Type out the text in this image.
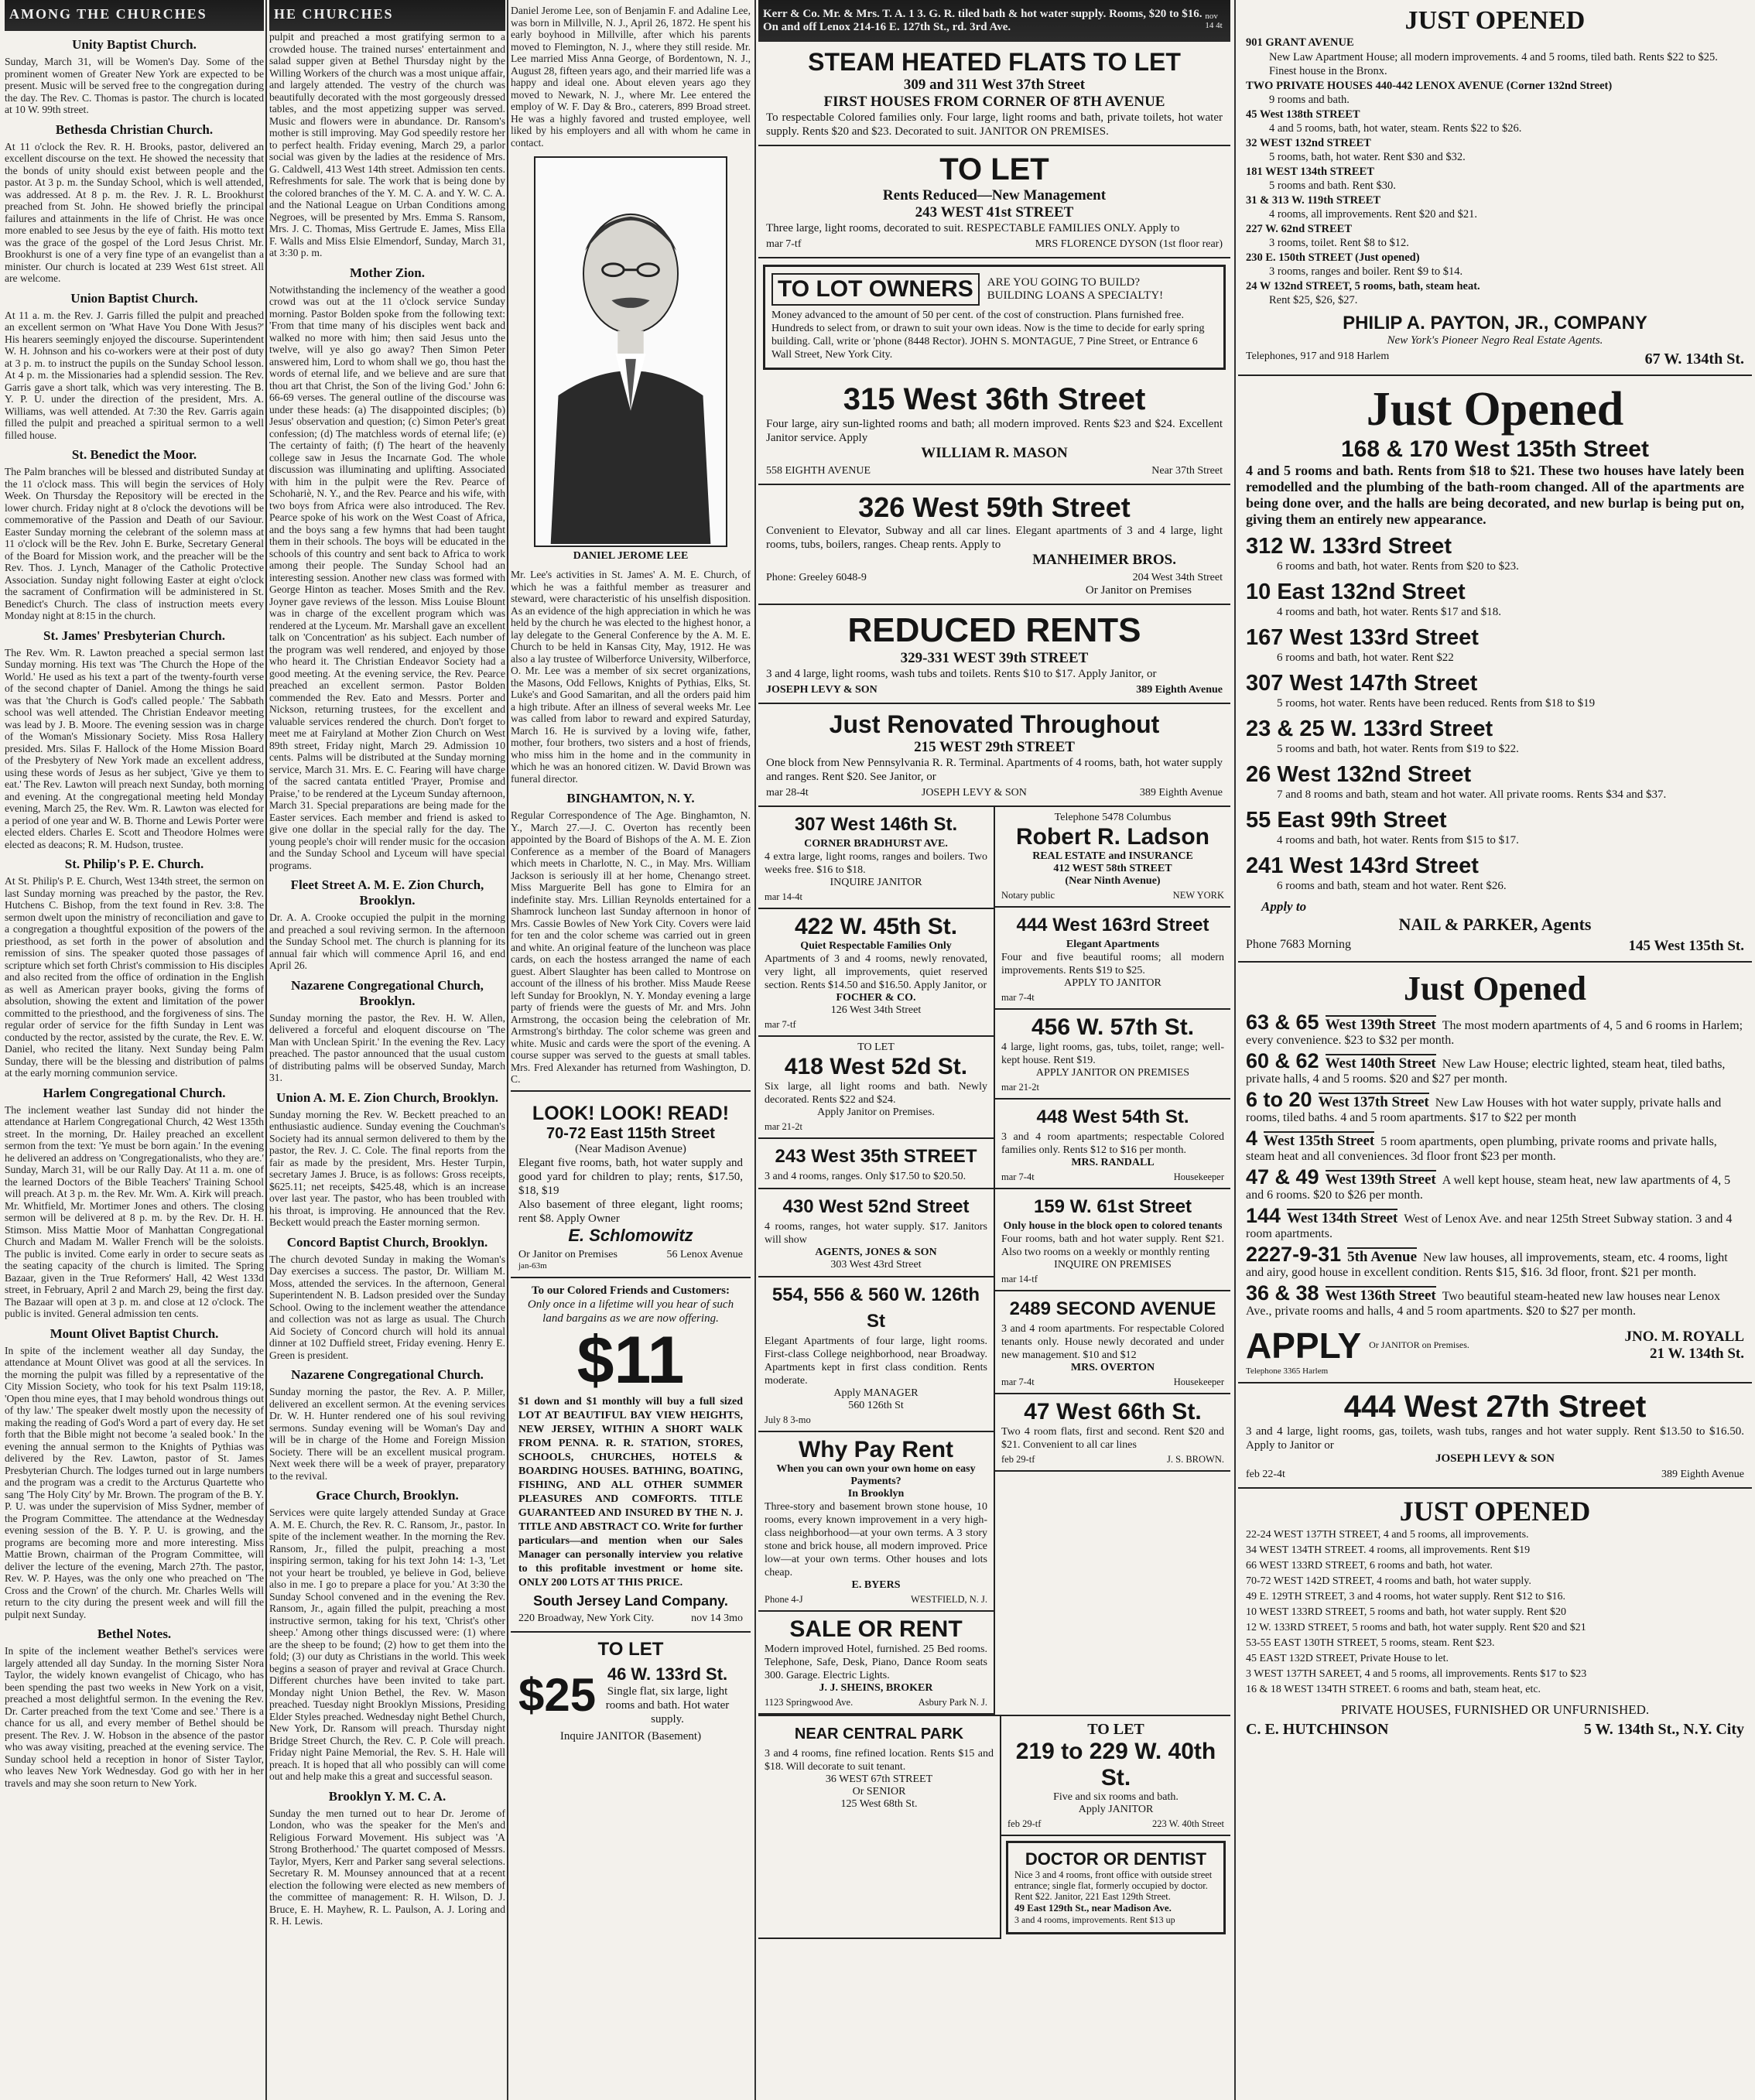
AMONG THE CHURCHES
Unity Baptist Church.
Sunday, March 31, will be Women's Day. Some of the prominent women of Greater New York are expected to be present. Music will be served free to the congregation during the day. The Rev. C. Thomas is pastor. The church is located at 10 W. 99th street.
Bethesda Christian Church.
At 11 o'clock the Rev. R. H. Brooks, pastor, delivered an excellent discourse on the text. He showed the necessity that the bonds of unity should exist between people and the pastor. At 3 p. m. the Sunday School, which is well attended, was addressed. At 8 p. m. the Rev. J. R. L. Brookhurst preached from St. John. He showed briefly the principal failures and attainments in the life of Christ. He was once more enabled to see Jesus by the eye of faith. His motto text was the grace of the gospel of the Lord Jesus Christ. Mr. Brookhurst is one of a very fine type of an evangelist than a minister. Our church is located at 239 West 61st street. All are welcome.
Union Baptist Church.
At 11 a. m. the Rev. J. Garris filled the pulpit and preached an excellent sermon on 'What Have You Done With Jesus?' His hearers seemingly enjoyed the discourse. Superintendent W. H. Johnson and his co-workers were at their post of duty at 3 p. m. to instruct the pupils on the Sunday School lesson. At 4 p. m. the Missionaries had a splendid session. The Rev. Garris gave a short talk, which was very interesting. The B. Y. P. U. under the direction of the president, Mrs. A. Williams, was well attended. At 7:30 the Rev. Garris again filled the pulpit and preached a spiritual sermon to a well filled house.
St. Benedict the Moor.
The Palm branches will be blessed and distributed Sunday at the 11 o'clock mass. This will begin the services of Holy Week. On Thursday the Repository will be erected in the lower church. Friday night at 8 o'clock the devotions will be commemorative of the Passion and Death of our Saviour. Easter Sunday morning the celebrant of the solemn mass at 11 o'clock will be the Rev. John E. Burke, Secretary General of the Board for Mission work, and the preacher will be the Rev. Thos. J. Lynch, Manager of the Catholic Protective Association. Sunday night following Easter at eight o'clock the sacrament of Confirmation will be administered in St. Benedict's Church. The class of instruction meets every Monday night at 8:15 in the church.
St. James' Presbyterian Church.
The Rev. Wm. R. Lawton preached a special sermon last Sunday morning. His text was 'The Church the Hope of the World.' He used as his text a part of the twenty-fourth verse of the second chapter of Daniel. Among the things he said was that 'the Church is God's called people.' The Sabbath school was well attended. The Christian Endeavor meeting was lead by J. B. Moore. The evening session was in charge of the Woman's Missionary Society. Miss Rosa Hallery presided. Mrs. Silas F. Hallock of the Home Mission Board of the Presbytery of New York made an excellent address, using these words of Jesus as her subject, 'Give ye them to eat.' The Rev. Lawton will preach next Sunday, both morning and evening. At the congregational meeting held Monday evening, March 25, the Rev. Wm. R. Lawton was elected for a period of one year and W. B. Thorne and Lewis Porter were elected elders. Charles E. Scott and Theodore Holmes were elected as deacons; R. M. Hudson, trustee.
St. Philip's P. E. Church.
At St. Philip's P. E. Church, West 134th street, the sermon on last Sunday morning was preached by the pastor, the Rev. Hutchens C. Bishop, from the text found in Rev. 3:8. The sermon dwelt upon the ministry of reconciliation and gave to a congregation a thoughtful exposition of the powers of the priesthood, as set forth in the power of absolution and remission of sins. The speaker quoted those passages of scripture which set forth Christ's commission to His disciples and also recited from the office of ordination in the English as well as American prayer books, giving the forms of absolution, showing the extent and limitation of the power committed to the priesthood, and the forgiveness of sins. The regular order of service for the fifth Sunday in Lent was conducted by the rector, assisted by the curate, the Rev. E. W. Daniel, who recited the litany. Next Sunday being Palm Sunday, there will be the blessing and distribution of palms at the early morning communion service.
Harlem Congregational Church.
The inclement weather last Sunday did not hinder the attendance at Harlem Congregational Church, 42 West 135th street. In the morning, Dr. Hailey preached an excellent sermon from the text: 'Ye must be born again.' In the evening he delivered an address on 'Congregationalists, who they are.' Sunday, March 31, will be our Rally Day. At 11 a. m. one of the learned Doctors of the Bible Teachers' Training School will preach. At 3 p. m. the Rev. Mr. Wm. A. Kirk will preach. Mr. Whitfield, Mr. Mortimer Jones and others. The closing sermon will be delivered at 8 p. m. by the Rev. Dr. H. H. Stimson. Miss Mattie Moor of Manhattan Congregational Church and Madam M. Waller French will be the soloists. The public is invited. Come early in order to secure seats as the seating capacity of the church is limited. The Spring Bazaar, given in the True Reformers' Hall, 42 West 133d street, in February, April 2 and March 29, being the first day. The Bazaar will open at 3 p. m. and close at 12 o'clock. The public is invited. General admission ten cents.
Mount Olivet Baptist Church.
In spite of the inclement weather all day Sunday, the attendance at Mount Olivet was good at all the services. In the morning the pulpit was filled by a representative of the City Mission Society, who took for his text Psalm 119:18, 'Open thou mine eyes, that I may behold wondrous things out of thy law.' The speaker dwelt mostly upon the necessity of making the reading of God's Word a part of every day. He set forth that the Bible might not become 'a sealed book.' In the evening the annual sermon to the Knights of Pythias was delivered by the Rev. Lawton, pastor of St. James Presbyterian Church. The lodges turned out in large numbers and the program was a credit to the Arcturus Quartette who sang 'The Holy City' by Mr. Brown. The program of the B. Y. P. U. was under the supervision of Miss Sydner, member of the Program Committee. The attendance at the Wednesday evening session of the B. Y. P. U. is growing, and the programs are becoming more and more interesting. Miss Mattie Brown, chairman of the Program Committee, will deliver the lecture of the evening, March 27th. The pastor, Rev. W. P. Hayes, was the only one who preached on 'The Cross and the Crown' of the church. Mr. Charles Wells will return to the city during the present week and will fill the pulpit next Sunday.
Bethel Notes.
In spite of the inclement weather Bethel's services were largely attended all day Sunday. In the morning Sister Nora Taylor, the widely known evangelist of Chicago, who has been spending the past two weeks in New York on a visit, preached a most delightful sermon. In the evening the Rev. Dr. Carter preached from the text 'Come and see.' There is a chance for us all, and every member of Bethel should be present. The Rev. J. W. Hobson in the absence of the pastor who was away visiting, preached at the evening service. The Sunday school held a reception in honor of Sister Taylor, who leaves New York Wednesday. God go with her in her travels and may she soon return to New York.
HE CHURCHES
pulpit and preached a most gratifying sermon to a crowded house. The trained nurses' entertainment and salad supper given at Bethel Thursday night by the Willing Workers of the church was a most unique affair, and largely attended. The vestry of the church was beautifully decorated with the most gorgeously dressed tables, and the most appetizing supper was served. Music and flowers were in abundance. Dr. Ransom's mother is still improving. May God speedily restore her to perfect health. Friday evening, March 29, a parlor social was given by the ladies at the residence of Mrs. G. Caldwell, 413 West 14th street. Admission ten cents. Refreshments for sale. The work that is being done by the colored branches of the Y. M. C. A. and Y. W. C. A. and the National League on Urban Conditions among Negroes, will be presented by Mrs. Emma S. Ransom, Mrs. J. C. Thomas, Miss Gertrude E. James, Miss Ella F. Walls and Miss Elsie Elmendorf, Sunday, March 31, at 3:30 p. m.
Mother Zion.
Notwithstanding the inclemency of the weather a good crowd was out at the 11 o'clock service Sunday morning. Pastor Bolden spoke from the following text: 'From that time many of his disciples went back and walked no more with him; then said Jesus unto the twelve, will ye also go away? Then Simon Peter answered him, Lord to whom shall we go, thou hast the words of eternal life, and we believe and are sure that thou art that Christ, the Son of the living God.' John 6: 66-69 verses. The general outline of the discourse was under these heads: (a) The disappointed disciples; (b) Jesus' observation and question; (c) Simon Peter's great confession; (d) The matchless words of eternal life; (e) The certainty of faith; (f) The heart of the heavenly college saw in Jesus the Incarnate God. The whole discussion was illuminating and uplifting. Associated with him in the pulpit were the Rev. Pearce of Schohariè, N. Y., and the Rev. Pearce and his wife, with two boys from Africa were also introduced. The Rev. Pearce spoke of his work on the West Coast of Africa, and the boys sang a few hymns that had been taught them in their schools. The boys will be educated in the schools of this country and sent back to Africa to work among their people. The Sunday School had an interesting session. Another new class was formed with George Hinton as teacher. Moses Smith and the Rev. Joyner gave reviews of the lesson. Miss Louise Blount was in charge of the excellent program which was rendered at the Lyceum. Mr. Marshall gave an excellent talk on 'Concentration' as his subject. Each number of the program was well rendered, and enjoyed by those who heard it. The Christian Endeavor Society had a good meeting. At the evening service, the Rev. Pearce preached an excellent sermon. Pastor Bolden commended the Rev. Eato and Messrs. Porter and Nickson, returning trustees, for the excellent and valuable services rendered the church. Don't forget to meet me at Fairyland at Mother Zion Church on West 89th street, Friday night, March 29. Admission 10 cents. Palms will be distributed at the Sunday morning service, March 31. Mrs. E. C. Fearing will have charge of the sacred cantata entitled 'Prayer, Promise and Praise,' to be rendered at the Lyceum Sunday afternoon, March 31. Special preparations are being made for the Easter services. Each member and friend is asked to give one dollar in the special rally for the day. The young people's choir will render music for the occasion and the Sunday School and Lyceum will have special programs.
Fleet Street A. M. E. Zion Church, Brooklyn.
Dr. A. A. Crooke occupied the pulpit in the morning and preached a soul reviving sermon. In the afternoon the Sunday School met. The church is planning for its annual fair which will commence April 16, and end April 26.
Nazarene Congregational Church, Brooklyn.
Sunday morning the pastor, the Rev. H. W. Allen, delivered a forceful and eloquent discourse on 'The Man with Unclean Spirit.' In the evening the Rev. Lacy preached. The pastor announced that the usual custom of distributing palms will be observed Sunday, March 31.
Union A. M. E. Zion Church, Brooklyn.
Sunday morning the Rev. W. Beckett preached to an enthusiastic audience. Sunday evening the Couchman's Society had its annual sermon delivered to them by the pastor, the Rev. J. C. Cole. The final reports from the fair as made by the president, Mrs. Hester Turpin, secretary James J. Bruce, is as follows: Gross receipts, $625.11; net receipts, $425.48, which is an increase over last year. The pastor, who has been troubled with his throat, is improving. He announced that the Rev. Beckett would preach the Easter morning sermon.
Concord Baptist Church, Brooklyn.
The church devoted Sunday in making the Woman's Day exercises a success. The pastor, Dr. William M. Moss, attended the services. In the afternoon, General Superintendent N. B. Ladson presided over the Sunday School. Owing to the inclement weather the attendance and collection was not as large as usual. The Church Aid Society of Concord church will hold its annual dinner at 102 Duffield street, Friday evening. Henry E. Green is president.
Nazarene Congregational Church.
Sunday morning the pastor, the Rev. A. P. Miller, delivered an excellent sermon. At the evening services Dr. W. H. Hunter rendered one of his soul reviving sermons. Sunday evening will be Woman's Day and will be in charge of the Home and Foreign Mission Society. There will be an excellent musical program. Next week there will be a week of prayer, preparatory to the revival.
Grace Church, Brooklyn.
Services were quite largely attended Sunday at Grace A. M. E. Church, the Rev. R. C. Ransom, Jr., pastor. In spite of the inclement weather. In the morning the Rev. Ransom, Jr., filled the pulpit, preaching a most inspiring sermon, taking for his text John 14: 1-3, 'Let not your heart be troubled, ye believe in God, believe also in me. I go to prepare a place for you.' At 3:30 the Sunday School convened and in the evening the Rev. Ransom, Jr., again filled the pulpit, preaching a most instructive sermon, taking for his text, 'Christ's other sheep.' Among other things discussed were: (1) where are the sheep to be found; (2) how to get them into the fold; (3) our duty as Christians in the world. This week begins a season of prayer and revival at Grace Church. Different churches have been invited to take part. Monday night Union Bethel, the Rev. W. Mason preached. Tuesday night Brooklyn Missions, Presiding Elder Styles preached. Wednesday night Bethel Church, New York, Dr. Ransom will preach. Thursday night Bridge Street Church, the Rev. C. P. Cole will preach. Friday night Paine Memorial, the Rev. S. H. Hale will preach. It is hoped that all who possibly can will come out and help make this a great and successful season.
Brooklyn Y. M. C. A.
Sunday the men turned out to hear Dr. Jerome of London, who was the speaker for the Men's and Religious Forward Movement. His subject was 'A Strong Brotherhood.' The quartet composed of Messrs. Taylor, Myers, Kerr and Parker sang several selections. Secretary R. M. Mounsey announced that at a recent election the following were elected as new members of the committee of management: R. H. Wilson, D. J. Bruce, E. H. Mayhew, R. L. Paulson, A. J. Loring and R. H. Lewis.
Daniel Jerome Lee, son of Benjamin F. and Adaline Lee, was born in Millville, N. J., April 26, 1872. He spent his early boyhood in Millville, after which his parents moved to Flemington, N. J., where they still reside. Mr. Lee married Miss Anna George, of Bordentown, N. J., August 28, fifteen years ago, and their married life was a happy and ideal one. About eleven years ago they moved to Newark, N. J., where Mr. Lee entered the employ of W. F. Day & Bro., caterers, 899 Broad street. He was a highly favored and trusted employee, well liked by his employers and all with whom he came in contact.
DANIEL JEROME LEE
Mr. Lee's activities in St. James' A. M. E. Church, of which he was a faithful member as treasurer and steward, were characteristic of his unselfish disposition. As an evidence of the high appreciation in which he was held by the church he was elected to the highest honor, a lay delegate to the General Conference by the A. M. E. Church to be held in Kansas City, May, 1912. He was also a lay trustee of Wilberforce University, Wilberforce, O. Mr. Lee was a member of six secret organizations, the Masons, Odd Fellows, Knights of Pythias, Elks, St. Luke's and Good Samaritan, and all the orders paid him a high tribute. After an illness of several weeks Mr. Lee was called from labor to reward and expired Saturday, March 16. He is survived by a loving wife, father, mother, four brothers, two sisters and a host of friends, who miss him in the home and in the community in which he was an honored citizen. W. David Brown was funeral director.
BINGHAMTON, N. Y.
Regular Correspondence of The Age. Binghamton, N. Y., March 27.—J. C. Overton has recently been appointed by the Board of Bishops of the A. M. E. Zion Conference as a member of the Board of Managers which meets in Charlotte, N. C., in May. Mrs. William Jackson is seriously ill at her home, Chenango street. Miss Marguerite Bell has gone to Elmira for an indefinite stay. Mrs. Lillian Reynolds entertained for a Shamrock luncheon last Sunday afternoon in honor of Mrs. Cassie Bowles of New York City. Covers were laid for ten and the color scheme was carried out in green and white. An original feature of the luncheon was place cards, on each the hostess arranged the name of each guest. Albert Slaughter has been called to Montrose on account of the illness of his brother. Miss Maude Reese left Sunday for Brooklyn, N. Y. Monday evening a large party of friends were the guests of Mr. and Mrs. John Armstrong, the occasion being the celebration of Mr. Armstrong's birthday. The color scheme was green and white. Music and cards were the sport of the evening. A course supper was served to the guests at small tables. Mrs. Fred Alexander has returned from Washington, D. C.
LOOK! LOOK! READ!
70-72 East 115th Street
(Near Madison Avenue)
Elegant five rooms, bath, hot water supply and good yard for children to play; rents, $17.50, $18, $19
Also basement of three elegant, light rooms; rent $8. Apply Owner
E. Schlomowitz
Or Janitor on Premises	56 Lenox Avenue
jan-63m
To our Colored Friends and Customers:
Only once in a lifetime will you hear of such land bargains as we are now offering.
$11
$1 down and $1 monthly will buy a full sized LOT AT BEAUTIFUL BAY VIEW HEIGHTS, NEW JERSEY, WITHIN A SHORT WALK FROM PENNA. R. R. STATION, STORES, SCHOOLS, CHURCHES, HOTELS & BOARDING HOUSES. BATHING, BOATING, FISHING, AND ALL OTHER SUMMER PLEASURES AND COMFORTS. TITLE GUARANTEED AND INSURED BY THE N. J. TITLE AND ABSTRACT CO. Write for further particulars—and mention when our Sales Manager can personally interview you relative to this profitable investment or home site. ONLY 200 LOTS AT THIS PRICE.
South Jersey Land Company.
220 Broadway, New York City.	nov 14 3mo
TO LET
$25 46 W. 133rd St.
Single flat, six large, light rooms and bath. Hot water supply.
Inquire JANITOR (Basement)
Kerr & Co. Mr. & Mrs. T. A. 1 3. G. R. tiled bath & hot water supply. Rooms, $20 to $16. On and off Lenox 214-16 E. 127th St., rd. 3rd Ave.
nov 14 4t
STEAM HEATED FLATS TO LET
309 and 311 West 37th Street
FIRST HOUSES FROM CORNER OF 8TH AVENUE
To respectable Colored families only. Four large, light rooms and bath, private toilets, hot water supply. Rents $20 and $23. Decorated to suit. JANITOR ON PREMISES.
TO LET
Rents Reduced—New Management
243 WEST 41st STREET
Three large, light rooms, decorated to suit. RESPECTABLE FAMILIES ONLY. Apply to
mar 7-tf	MRS FLORENCE DYSON (1st floor rear)
TO LOT OWNERS	ARE YOU GOING TO BUILD?
BUILDING LOANS A SPECIALTY!
Money advanced to the amount of 50 per cent. of the cost of construction. Plans furnished free. Hundreds to select from, or drawn to suit your own ideas. Now is the time to decide for early spring building. Call, write or 'phone (8448 Rector). JOHN S. MONTAGUE, 7 Pine Street, or Entrance 6 Wall Street, New York City.
315 West 36th Street
Four large, airy sun-lighted rooms and bath; all modern improved. Rents $23 and $24. Excellent Janitor service. Apply
WILLIAM R. MASON
558 EIGHTH AVENUE	Near 37th Street
326 West 59th Street
Convenient to Elevator, Subway and all car lines. Elegant apartments of 3 and 4 large, light rooms, tubs, boilers, ranges. Cheap rents. Apply to
MANHEIMER BROS.
Phone: Greeley 6048-9	204 West 34th Street
Or Janitor on Premises
REDUCED RENTS
329-331 WEST 39th STREET
3 and 4 large, light rooms, wash tubs and toilets. Rents $10 to $17. Apply Janitor, or
JOSEPH LEVY & SON	389 Eighth Avenue
Just Renovated Throughout
215 WEST 29th STREET
One block from New Pennsylvania R. R. Terminal. Apartments of 4 rooms, bath, hot water supply and ranges. Rent $20. See Janitor, or
mar 28-4t	JOSEPH LEVY & SON	389 Eighth Avenue
307 West 146th St.
CORNER BRADHURST AVE.
4 extra large, light rooms, ranges and boilers. Two weeks free. $16 to $18.
INQUIRE JANITOR
mar 14-4t
422 W. 45th St.
Quiet Respectable Families Only
Apartments of 3 and 4 rooms, newly renovated, very light, all improvements, quiet reserved section. Rents $14.50 and $16.50. Apply Janitor, or
FOCHER & CO.
126 West 34th Street
mar 7-tf
TO LET
418 West 52d St.
Six large, all light rooms and bath. Newly decorated. Rents $22 and $24.
Apply Janitor on Premises.
mar 21-2t
243 West 35th STREET
3 and 4 rooms, ranges. Only $17.50 to $20.50.
430 West 52nd Street
4 rooms, ranges, hot water supply. $17. Janitors will show
AGENTS, JONES & SON
303 West 43rd Street
554, 556 & 560 W. 126th St
Elegant Apartments of four large, light rooms. First-class College neighborhood, near Broadway. Apartments kept in first class condition. Rents moderate.
Apply MANAGER
560 126th St
July 8 3-mo
Why Pay Rent
When you can own your own home on easy Payments?
In Brooklyn
Three-story and basement brown stone house, 10 rooms, every known improvement in a very high-class neighborhood—at your own terms. A 3 story stone and brick house, all modern improved. Price low—at your own terms. Other houses and lots cheap.
E. BYERS
Phone 4-J	WESTFIELD, N. J.
SALE OR RENT
Modern improved Hotel, furnished. 25 Bed rooms. Telephone, Safe, Desk, Piano, Dance Room seats 300. Garage. Electric Lights.
J. J. SHEINS, BROKER
1123 Springwood Ave.	Asbury Park N. J.
Telephone 5478 Columbus
Robert R. Ladson
REAL ESTATE and INSURANCE
412 WEST 58th STREET
(Near Ninth Avenue)
Notary public	NEW YORK
444 West 163rd Street
Elegant Apartments
Four and five beautiful rooms; all modern improvements. Rents $19 to $25.
APPLY TO JANITOR
mar 7-4t
456 W. 57th St.
4 large, light rooms, gas, tubs, toilet, range; well-kept house. Rent $19.
APPLY JANITOR ON PREMISES
mar 21-2t
448 West 54th St.
3 and 4 room apartments; respectable Colored families only. Rents $12 to $16 per month.
MRS. RANDALL
mar 7-4t	Housekeeper
159 W. 61st Street
Only house in the block open to colored tenants
Four rooms, bath and hot water supply. Rent $21. Also two rooms on a weekly or monthly renting
INQUIRE ON PREMISES
mar 14-tf
2489 SECOND AVENUE
3 and 4 room apartments. For respectable Colored tenants only. House newly decorated and under new management. $10 and $12
MRS. OVERTON
mar 7-4t	Housekeeper
47 West 66th St.
Two 4 room flats, first and second. Rent $20 and $21. Convenient to all car lines
feb 29-tf	J. S. BROWN.
NEAR CENTRAL PARK
3 and 4 rooms, fine refined location. Rents $15 and $18. Will decorate to suit tenant.
36 WEST 67th STREET
Or SENIOR
125 West 68th St.
TO LET
219 to 229 W. 40th St.
Five and six rooms and bath.
Apply JANITOR
feb 29-tf	223 W. 40th Street
DOCTOR OR DENTIST
Nice 3 and 4 rooms, front office with outside street entrance; single flat, formerly occupied by doctor. Rent $22. Janitor, 221 East 129th Street.
49 East 129th St., near Madison Ave.
3 and 4 rooms, improvements. Rent $13 up
JUST OPENED
901 GRANT AVENUE
New Law Apartment House; all modern improvements. 4 and 5 rooms, tiled bath. Rents $22 to $25. Finest house in the Bronx.
TWO PRIVATE HOUSES 440-442 LENOX AVENUE (Corner 132nd Street)
9 rooms and bath.
45 West 138th STREET
4 and 5 rooms, bath, hot water, steam. Rents $22 to $26.
32 WEST 132nd STREET
5 rooms, bath, hot water. Rent $30 and $32.
181 WEST 134th STREET
5 rooms and bath. Rent $30.
31 & 313 W. 119th STREET
4 rooms, all improvements. Rent $20 and $21.
227 W. 62nd STREET
3 rooms, toilet. Rent $8 to $12.
230 E. 150th STREET (Just opened)
3 rooms, ranges and boiler. Rent $9 to $14.
24 W 132nd STREET, 5 rooms, bath, steam heat.
Rent $25, $26, $27.
PHILIP A. PAYTON, JR., COMPANY
New York's Pioneer Negro Real Estate Agents.
Telephones, 917 and 918 Harlem	67 W. 134th St.
Just Opened
168 & 170 West 135th Street
4 and 5 rooms and bath. Rents from $18 to $21. These two houses have lately been remodelled and the plumbing of the bath-room changed. All of the apartments are being done over, and the halls are being decorated, and new burlap is being put on, giving them an entirely new appearance.
312 W. 133rd Street
6 rooms and bath, hot water. Rents from $20 to $23.
10 East 132nd Street
4 rooms and bath, hot water. Rents $17 and $18.
167 West 133rd Street
6 rooms and bath, hot water. Rent $22
307 West 147th Street
5 rooms, hot water. Rents have been reduced. Rents from $18 to $19
23 & 25 W. 133rd Street
5 rooms and bath, hot water. Rents from $19 to $22.
26 West 132nd Street
7 and 8 rooms and bath, steam and hot water. All private rooms. Rents $34 and $37.
55 East 99th Street
4 rooms and bath, hot water. Rents from $15 to $17.
241 West 143rd Street
6 rooms and bath, steam and hot water. Rent $26.
Apply to
NAIL & PARKER, Agents
Phone 7683 Morning	145 West 135th St.
Just Opened
63 & 65 West 139th Street The most modern apartments of 4, 5 and 6 rooms in Harlem; every convenience. $23 to $32 per month.
60 & 62 West 140th Street New Law House; electric lighted, steam heat, tiled baths, private halls, 4 and 5 rooms. $20 and $27 per month.
6 to 20 West 137th Street New Law Houses with hot water supply, private halls and rooms, tiled baths. 4 and 5 room apartments. $17 to $22 per month
4 West 135th Street 5 room apartments, open plumbing, private rooms and private halls, steam heat and all conveniences. 3d floor front $23 per month.
47 & 49 West 139th Street A well kept house, steam heat, new law apartments of 4, 5 and 6 rooms. $20 to $26 per month.
144 West 134th Street West of Lenox Ave. and near 125th Street Subway station. 3 and 4 room apartments.
2227-9-31 5th Avenue New law houses, all improvements, steam, etc. 4 rooms, light and airy, good house in excellent condition. Rents $15, $16. 3d floor, front. $21 per month.
36 & 38 West 136th Street Two beautiful steam-heated new law houses near Lenox Ave., private rooms and halls, 4 and 5 room apartments. $20 to $27 per month.
APPLY Or JANITOR on Premises.
JNO. M. ROYALL
21 W. 134th St.
Telephone 3365 Harlem
444 West 27th Street
3 and 4 large, light rooms, gas, toilets, wash tubs, ranges and hot water supply. Rent $13.50 to $16.50. Apply to Janitor or
JOSEPH LEVY & SON
feb 22-4t	389 Eighth Avenue
JUST OPENED
22-24 WEST 137TH STREET, 4 and 5 rooms, all improvements.
34 WEST 134TH STREET. 4 rooms, all improvements. Rent $19
66 WEST 133RD STREET, 6 rooms and bath, hot water.
70-72 WEST 142D STREET, 4 rooms and bath, hot water supply.
49 E. 129TH STREET, 3 and 4 rooms, hot water supply. Rent $12 to $16.
10 WEST 133RD STREET, 5 rooms and bath, hot water supply. Rent $20
12 W. 133RD STREET, 5 rooms and bath, hot water supply. Rent $20 and $21
53-55 EAST 130TH STREET, 5 rooms, steam. Rent $23.
45 EAST 132D STREET, Private House to let.
3 WEST 137TH SAREET, 4 and 5 rooms, all improvements. Rents $17 to $23
16 & 18 WEST 134TH STREET. 6 rooms and bath, steam heat, etc.
PRIVATE HOUSES, FURNISHED OR UNFURNISHED.
C. E. HUTCHINSON	5 W. 134th St., N.Y. City
